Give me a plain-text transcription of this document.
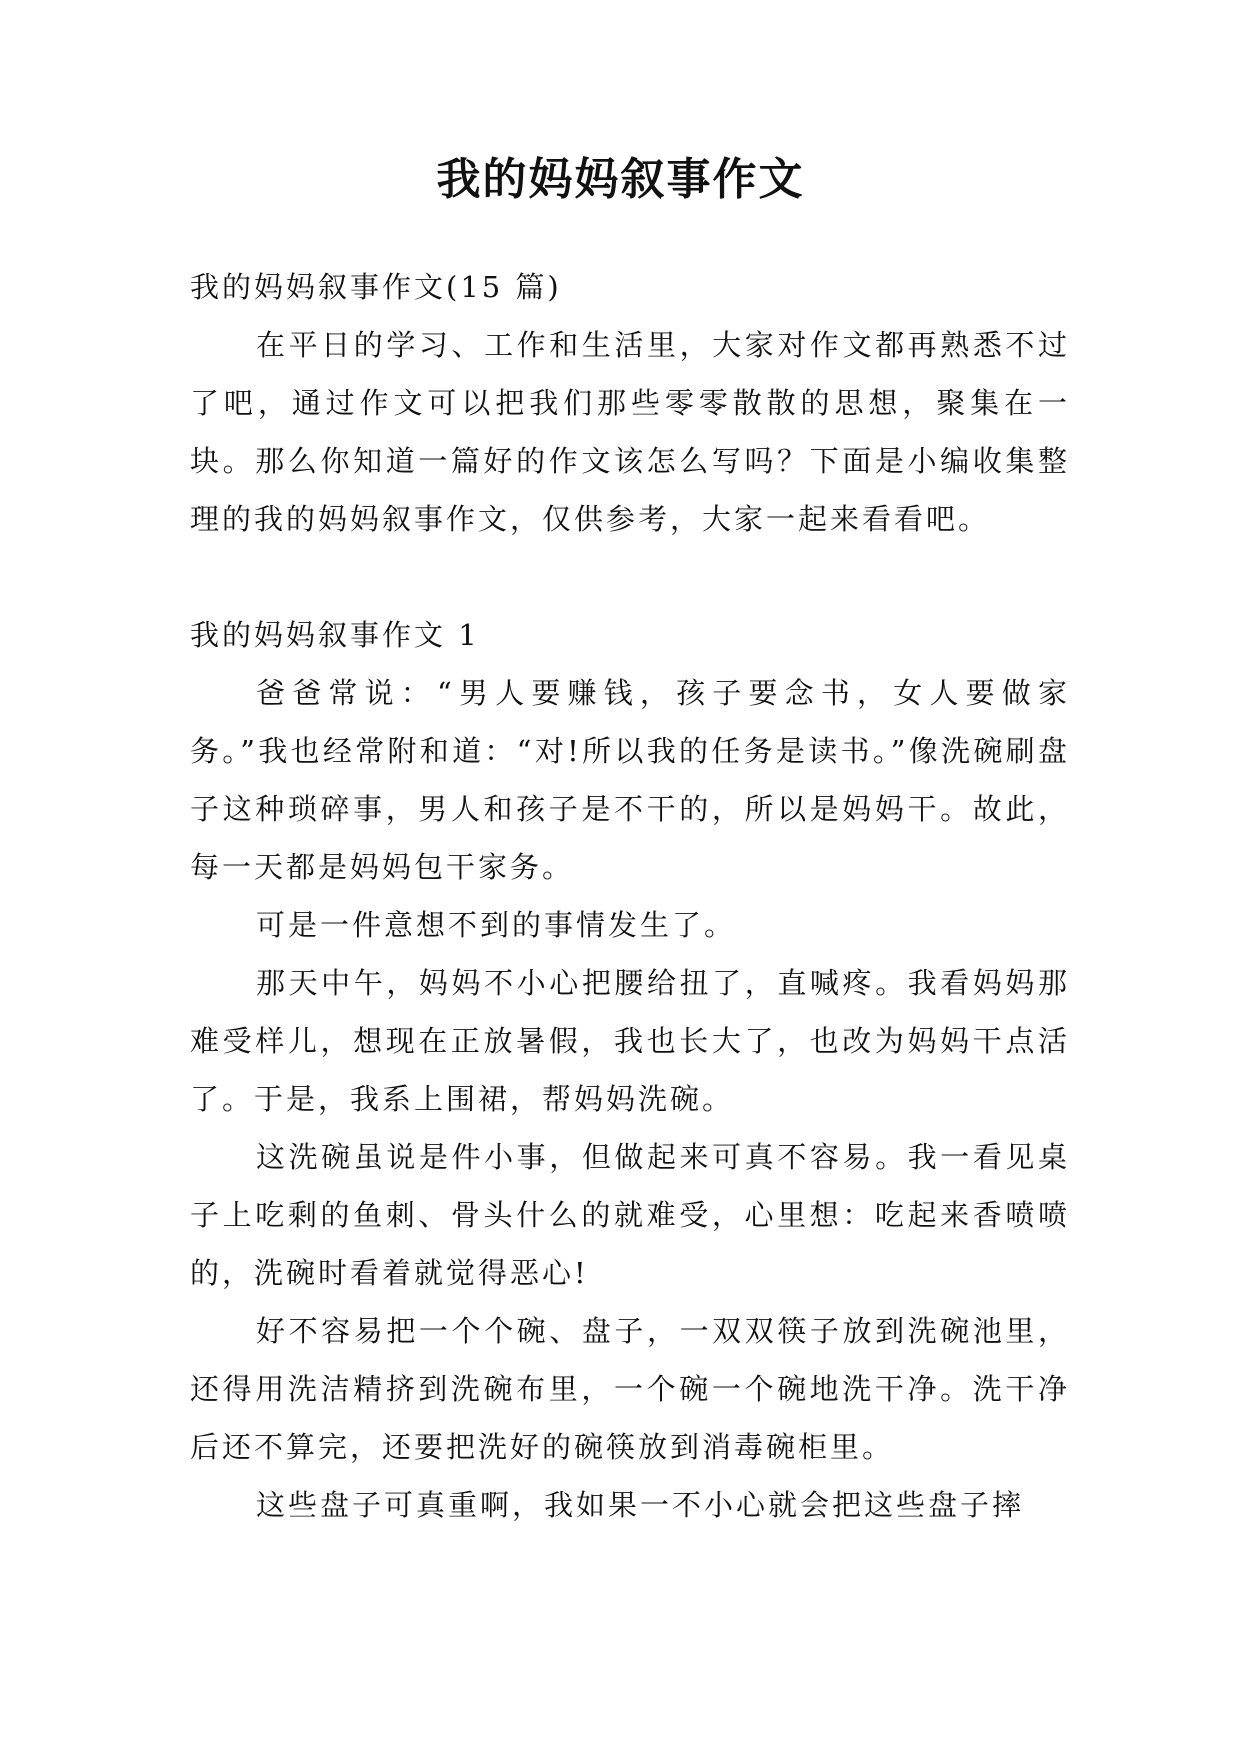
我的妈妈叙事作文

我的妈妈叙事作文(15 篇)

在平日的学习、工作和生活里，大家对作文都再熟悉不过了吧，通过作文可以把我们那些零零散散的思想，聚集在一块。那么你知道一篇好的作文该怎么写吗？下面是小编收集整理的我的妈妈叙事作文，仅供参考，大家一起来看看吧。

我的妈妈叙事作文 1

爸爸常说：“男人要赚钱，孩子要念书，女人要做家务。”我也经常附和道：“对!所以我的任务是读书。”像洗碗刷盘子这种琐碎事，男人和孩子是不干的，所以是妈妈干。故此，每一天都是妈妈包干家务。

可是一件意想不到的事情发生了。

那天中午，妈妈不小心把腰给扭了，直喊疼。我看妈妈那难受样儿，想现在正放暑假，我也长大了，也改为妈妈干点活了。于是，我系上围裙，帮妈妈洗碗。

这洗碗虽说是件小事，但做起来可真不容易。我一看见桌子上吃剩的鱼刺、骨头什么的就难受，心里想：吃起来香喷喷的，洗碗时看着就觉得恶心!

好不容易把一个个碗、盘子，一双双筷子放到洗碗池里，还得用洗洁精挤到洗碗布里，一个碗一个碗地洗干净。洗干净后还不算完，还要把洗好的碗筷放到消毒碗柜里。

这些盘子可真重啊，我如果一不小心就会把这些盘子摔
